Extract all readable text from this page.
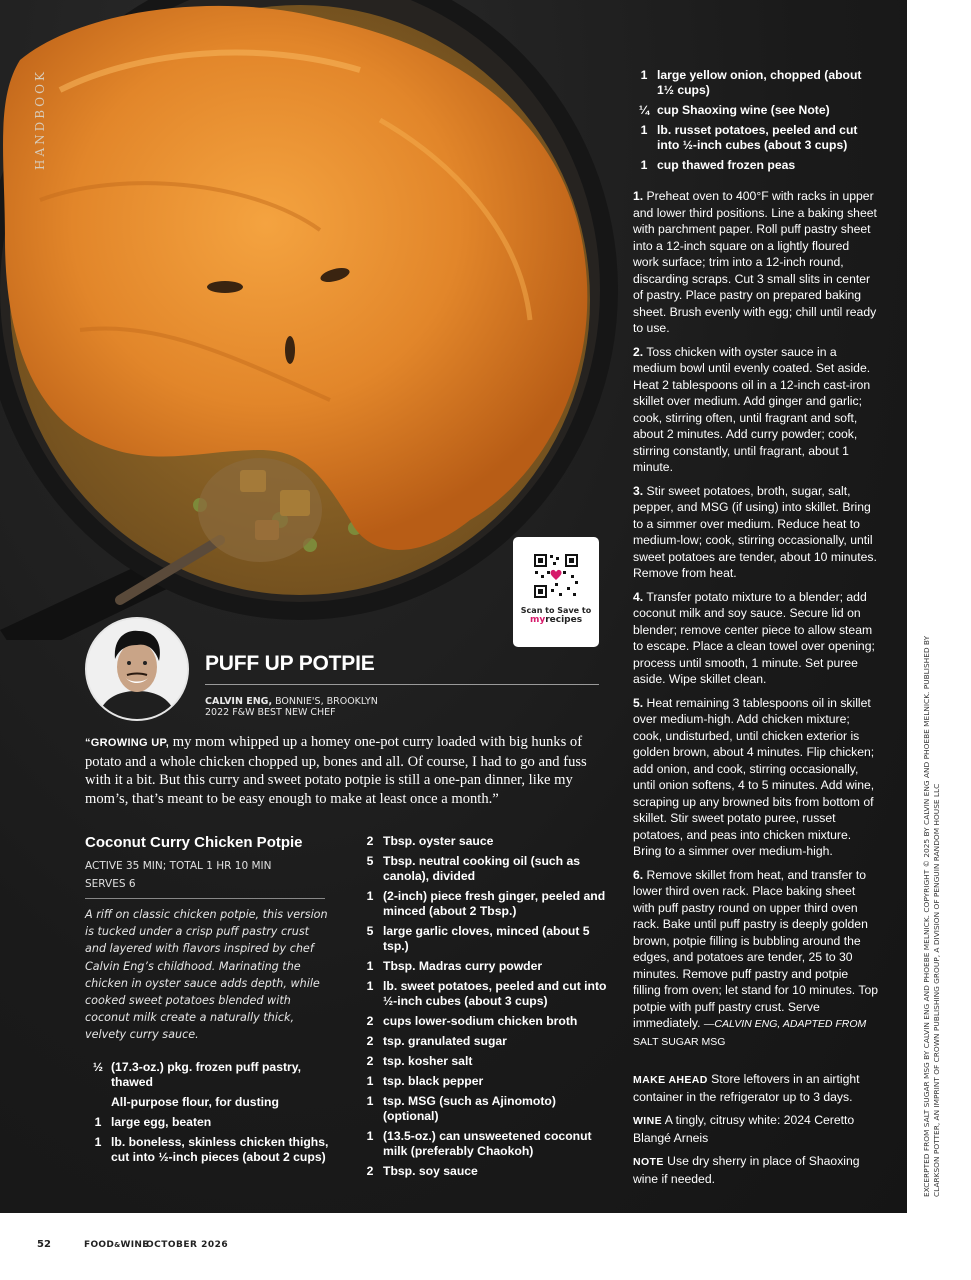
HANDBOOK
Scan to Save to
myrecipes
PUFF UP POTPIE
CALVIN ENG, BONNIE'S, BROOKLYN
2022 F&W BEST NEW CHEF
“GROWING UP, my mom whipped up a homey one-pot curry loaded with big hunks of potato and a whole chicken chopped up, bones and all. Of course, I had to go and fuss with it a bit. But this curry and sweet potato potpie is still a one-pan dinner, like my mom’s, that’s meant to be easy enough to make at least once a month.”
Coconut Curry Chicken Potpie
ACTIVE 35 MIN; TOTAL 1 HR 10 MIN
SERVES 6
A riff on classic chicken potpie, this version is tucked under a crisp puff pastry crust and layered with flavors inspired by chef Calvin Eng’s childhood. Marinating the chicken in oyster sauce adds depth, while cooked sweet potatoes blended with coconut milk create a naturally thick, velvety curry sauce.
½ (17.3-oz.) pkg. frozen puff pastry, thawed
All-purpose flour, for dusting
1 large egg, beaten
1 lb. boneless, skinless chicken thighs, cut into ½-inch pieces (about 2 cups)
2 Tbsp. oyster sauce
5 Tbsp. neutral cooking oil (such as canola), divided
1 (2-inch) piece fresh ginger, peeled and minced (about 2 Tbsp.)
5 large garlic cloves, minced (about 5 tsp.)
1 Tbsp. Madras curry powder
1 lb. sweet potatoes, peeled and cut into ½-inch cubes (about 3 cups)
2 cups lower-sodium chicken broth
2 tsp. granulated sugar
2 tsp. kosher salt
1 tsp. black pepper
1 tsp. MSG (such as Ajinomoto) (optional)
1 (13.5-oz.) can unsweetened coconut milk (preferably Chaokoh)
2 Tbsp. soy sauce
1 large yellow onion, chopped (about 1½ cups)
¼ cup Shaoxing wine (see Note)
1 lb. russet potatoes, peeled and cut into ½-inch cubes (about 3 cups)
1 cup thawed frozen peas

1. Preheat oven to 400°F with racks in upper and lower third positions. Line a baking sheet with parchment paper. Roll puff pastry sheet into a 12-inch square on a lightly floured work surface; trim into a 12-inch round, discarding scraps. Cut 3 small slits in center of pastry. Place pastry on prepared baking sheet. Brush evenly with egg; chill until ready to use.

2. Toss chicken with oyster sauce in a medium bowl until evenly coated. Set aside. Heat 2 tablespoons oil in a 12-inch cast-iron skillet over medium. Add ginger and garlic; cook, stirring often, until fragrant and soft, about 2 minutes. Add curry powder; cook, stirring constantly, until fragrant, about 1 minute.

3. Stir sweet potatoes, broth, sugar, salt, pepper, and MSG (if using) into skillet. Bring to a simmer over medium. Reduce heat to medium-low; cook, stirring occasionally, until sweet potatoes are tender, about 10 minutes. Remove from heat.

4. Transfer potato mixture to a blender; add coconut milk and soy sauce. Secure lid on blender; remove center piece to allow steam to escape. Place a clean towel over opening; process until smooth, 1 minute. Set puree aside. Wipe skillet clean.

5. Heat remaining 3 tablespoons oil in skillet over medium-high. Add chicken mixture; cook, undisturbed, until chicken exterior is golden brown, about 4 minutes. Flip chicken; add onion, and cook, stirring occasionally, until onion softens, 4 to 5 minutes. Add wine, scraping up any browned bits from bottom of skillet. Stir sweet potato puree, russet potatoes, and peas into chicken mixture. Bring to a simmer over medium-high.

6. Remove skillet from heat, and transfer to lower third oven rack. Place baking sheet with puff pastry round on upper third oven rack. Bake until puff pastry is deeply golden brown, potpie filling is bubbling around the edges, and potatoes are tender, 25 to 30 minutes. Remove puff pastry and potpie filling from oven; let stand for 10 minutes. Top potpie with puff pastry crust. Serve immediately. —CALVIN ENG, ADAPTED FROM SALT SUGAR MSG

MAKE AHEAD Store leftovers in an airtight container in the refrigerator up to 3 days.

WINE A tingly, citrusy white: 2024 Ceretto Blangé Arneis

NOTE Use dry sherry in place of Shaoxing wine if needed.	EXCERPTED FROM SALT SUGAR MSG BY CALVIN ENG AND PHOEBE MELNICK. COPYRIGHT © 2025 BY CALVIN ENG AND PHOEBE MELNICK. PUBLISHED BY
CLARKSON POTTER, AN IMPRINT OF CROWN PUBLISHING GROUP, A DIVISION OF PENGUIN RANDOM HOUSE LLC
52	FOOD&WINE
OCTOBER 2026
